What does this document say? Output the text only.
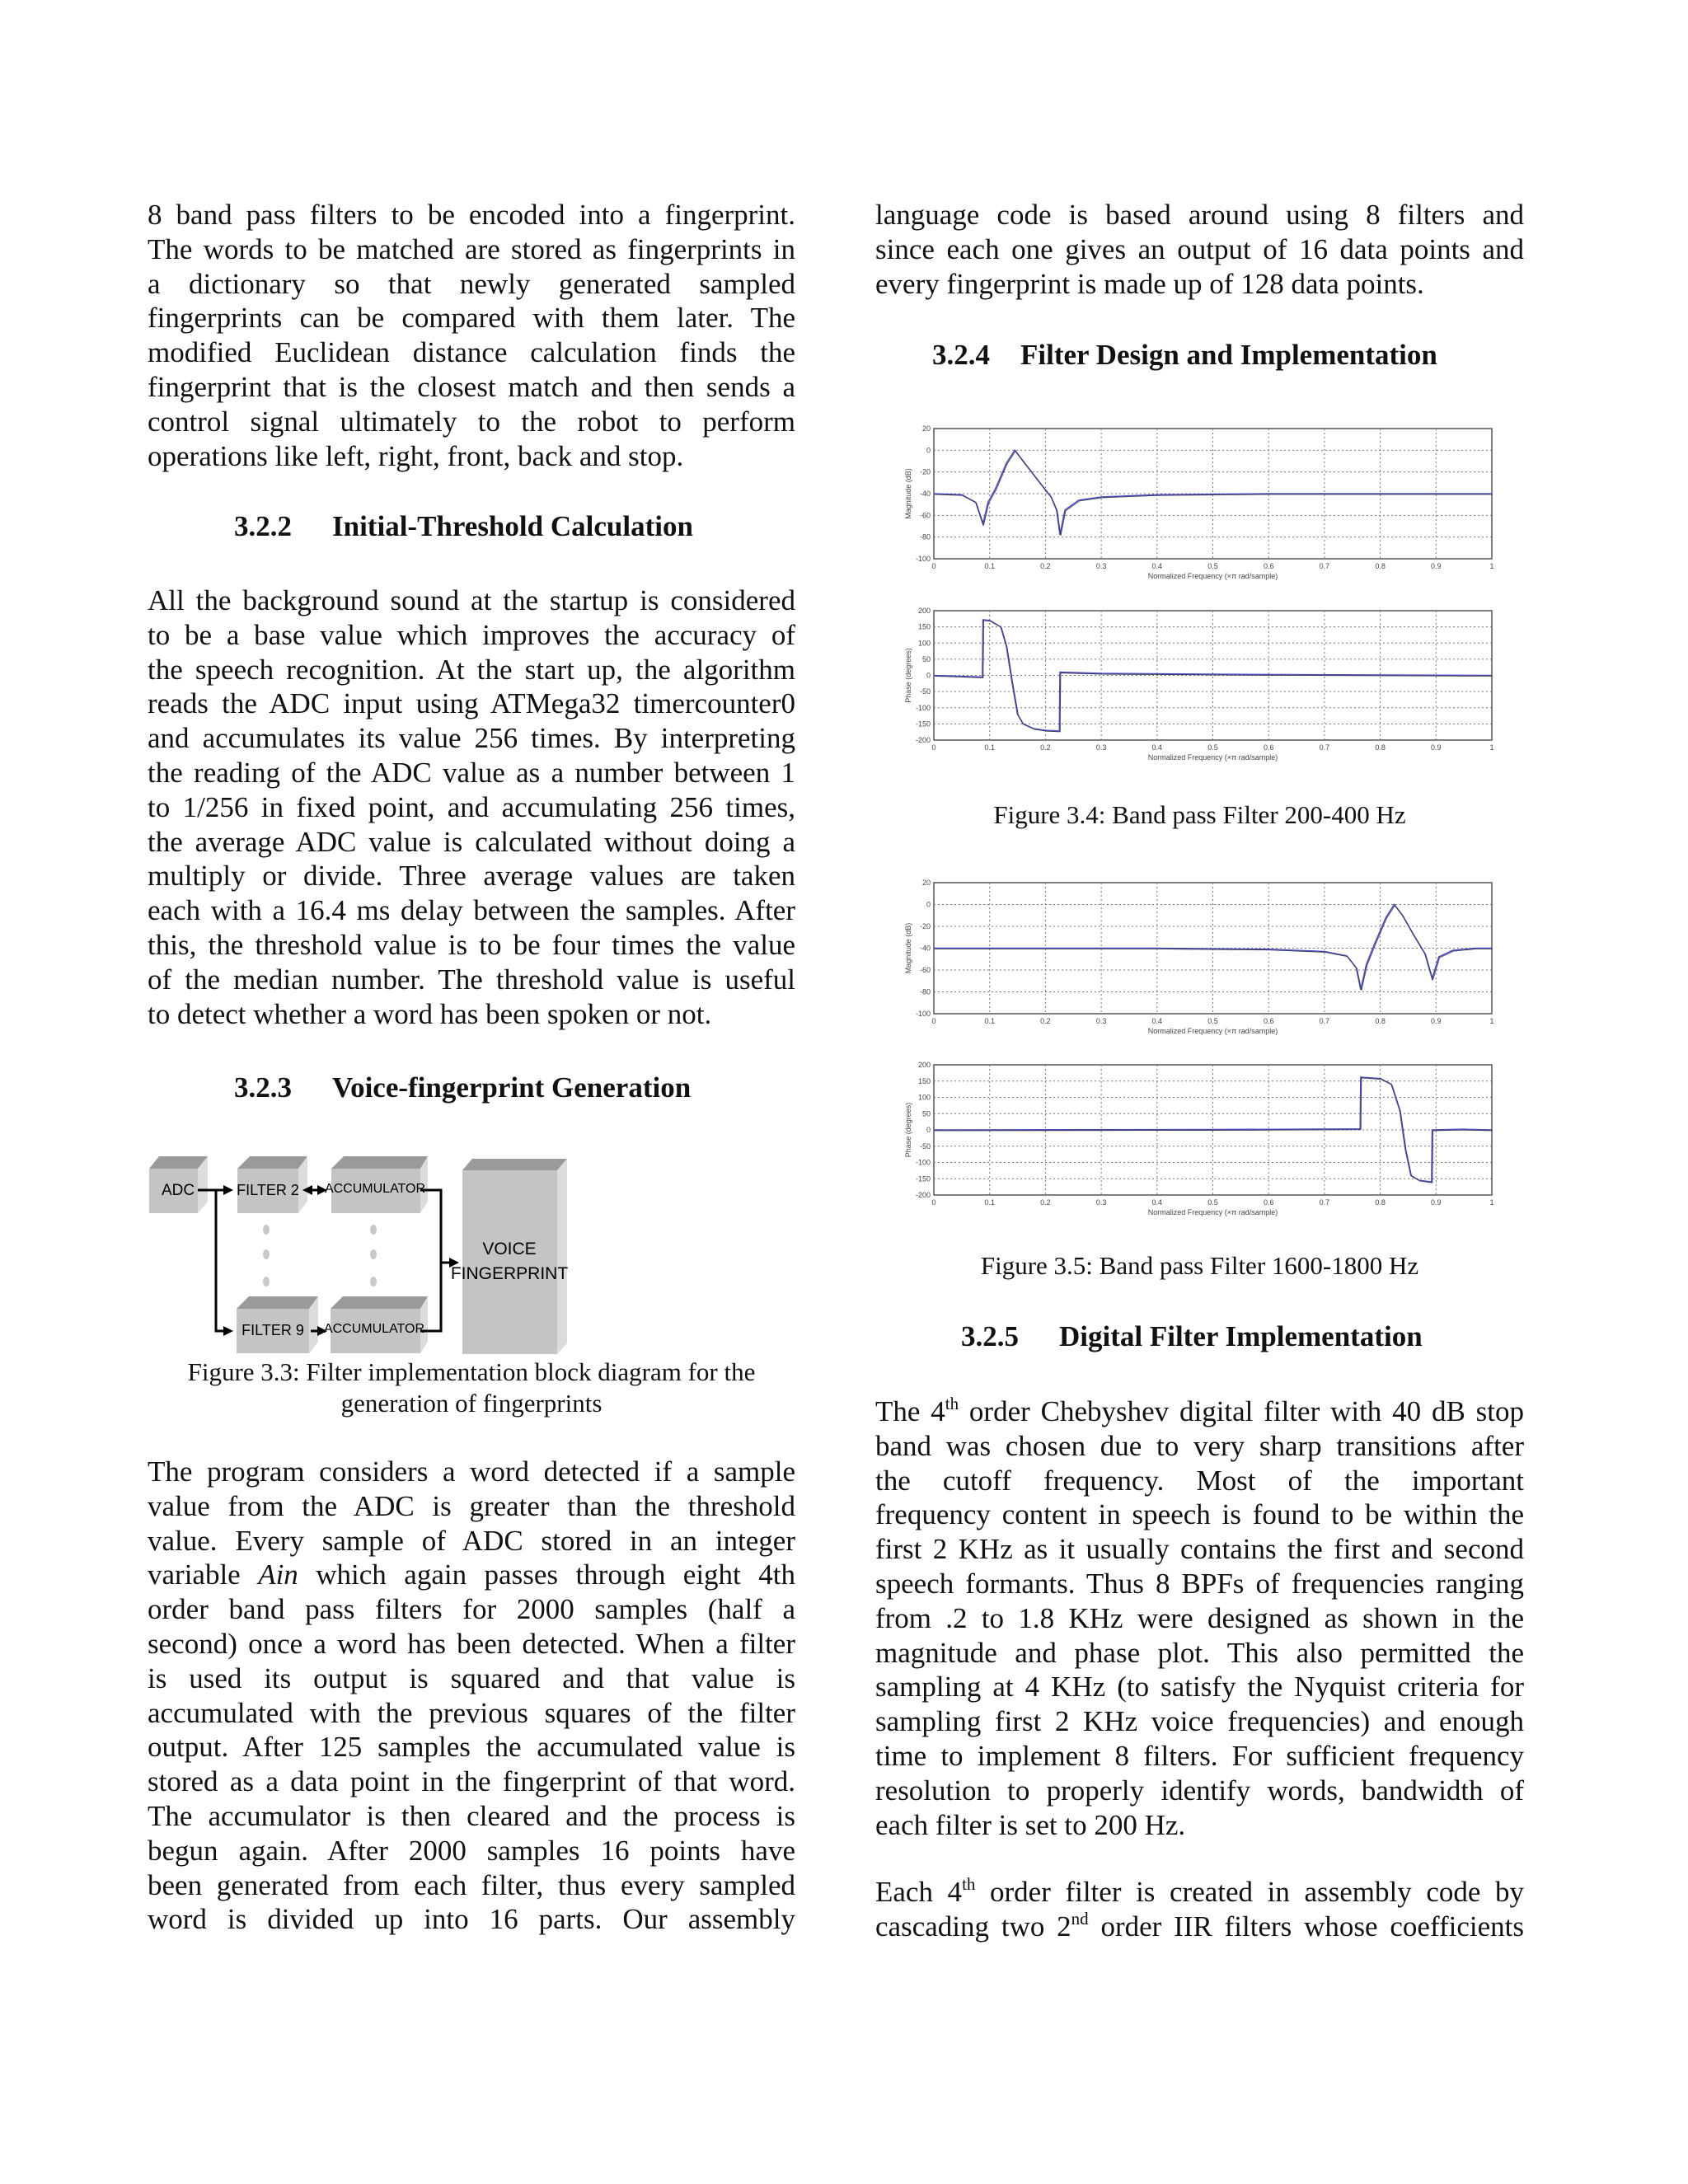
8 band pass filters to be encoded into a fingerprint.
The words to be matched are stored as fingerprints in
a dictionary so that newly generated sampled
fingerprints can be compared with them later. The
modified Euclidean distance calculation finds the
fingerprint that is the closest match and then sends a
control signal ultimately to the robot to perform
operations like left, right, front, back and stop.
3.2.2 Initial-Threshold Calculation
All the background sound at the startup is considered
to be a base value which improves the accuracy of
the speech recognition. At the start up, the algorithm
reads the ADC input using ATMega32 timercounter0
and accumulates its value 256 times. By interpreting
the reading of the ADC value as a number between 1
to 1/256 in fixed point, and accumulating 256 times,
the average ADC value is calculated without doing a
multiply or divide. Three average values are taken
each with a 16.4 ms delay between the samples. After
this, the threshold value is to be four times the value
of the median number. The threshold value is useful
to detect whether a word has been spoken or not.
3.2.3 Voice-fingerprint Generation
ADC	FILTER 2 ACCUMULATOR
FILTER 9 ACCUMULATOR
VOICE
FINGERPRINT
Figure 3.3: Filter implementation block diagram for the
generation of fingerprints
The program considers a word detected if a sample
value from the ADC is greater than the threshold
value. Every sample of ADC stored in an integer
variable Ain which again passes through eight 4th
order band pass filters for 2000 samples (half a
second) once a word has been detected. When a filter
is used its output is squared and that value is
accumulated with the previous squares of the filter
output. After 125 samples the accumulated value is
stored as a data point in the fingerprint of that word.
The accumulator is then cleared and the process is
begun again. After 2000 samples 16 points have
been generated from each filter, thus every sampled
word is divided up into 16 parts. Our assembly
language code is based around using 8 filters and
since each one gives an output of 16 data points and
every fingerprint is made up of 128 data points.
3.2.4 Filter Design and Implementation
0	0.1	0.2	0.3	0.4	0.5	0.6	0.7	0.8	0.9	1
20
0
-20
-40
-60
-80
-100
Normalized Frequency (×π rad/sample)
Magnitude (dB)
0	0.1	0.2	0.3	0.4	0.5	0.6	0.7	0.8	0.9	1
200
150
100
50
0
-50
-100
-150
-200
Normalized Frequency (×π rad/sample)
Phase (degrees)
0	0.1	0.2	0.3	0.4	0.5	0.6	0.7	0.8	0.9	1
20
0
-20
-40
-60
-80
-100
Normalized Frequency (×π rad/sample)
Magnitude (dB)
0	0.1	0.2	0.3	0.4	0.5	0.6	0.7	0.8	0.9	1
200
150
100
50
0
-50
-100
-150
-200
Normalized Frequency (×π rad/sample)
Phase (degrees)
Figure 3.4: Band pass Filter 200-400 Hz
Figure 3.5: Band pass Filter 1600-1800 Hz
3.2.5 Digital Filter Implementation
The 4th order Chebyshev digital filter with 40 dB stop
band was chosen due to very sharp transitions after
the cutoff frequency. Most of the important
frequency content in speech is found to be within the
first 2 KHz as it usually contains the first and second
speech formants. Thus 8 BPFs of frequencies ranging
from .2 to 1.8 KHz were designed as shown in the
magnitude and phase plot. This also permitted the
sampling at 4 KHz (to satisfy the Nyquist criteria for
sampling first 2 KHz voice frequencies) and enough
time to implement 8 filters. For sufficient frequency
resolution to properly identify words, bandwidth of
each filter is set to 200 Hz.
Each 4th order filter is created in assembly code by
cascading two 2nd order IIR filters whose coefficients
